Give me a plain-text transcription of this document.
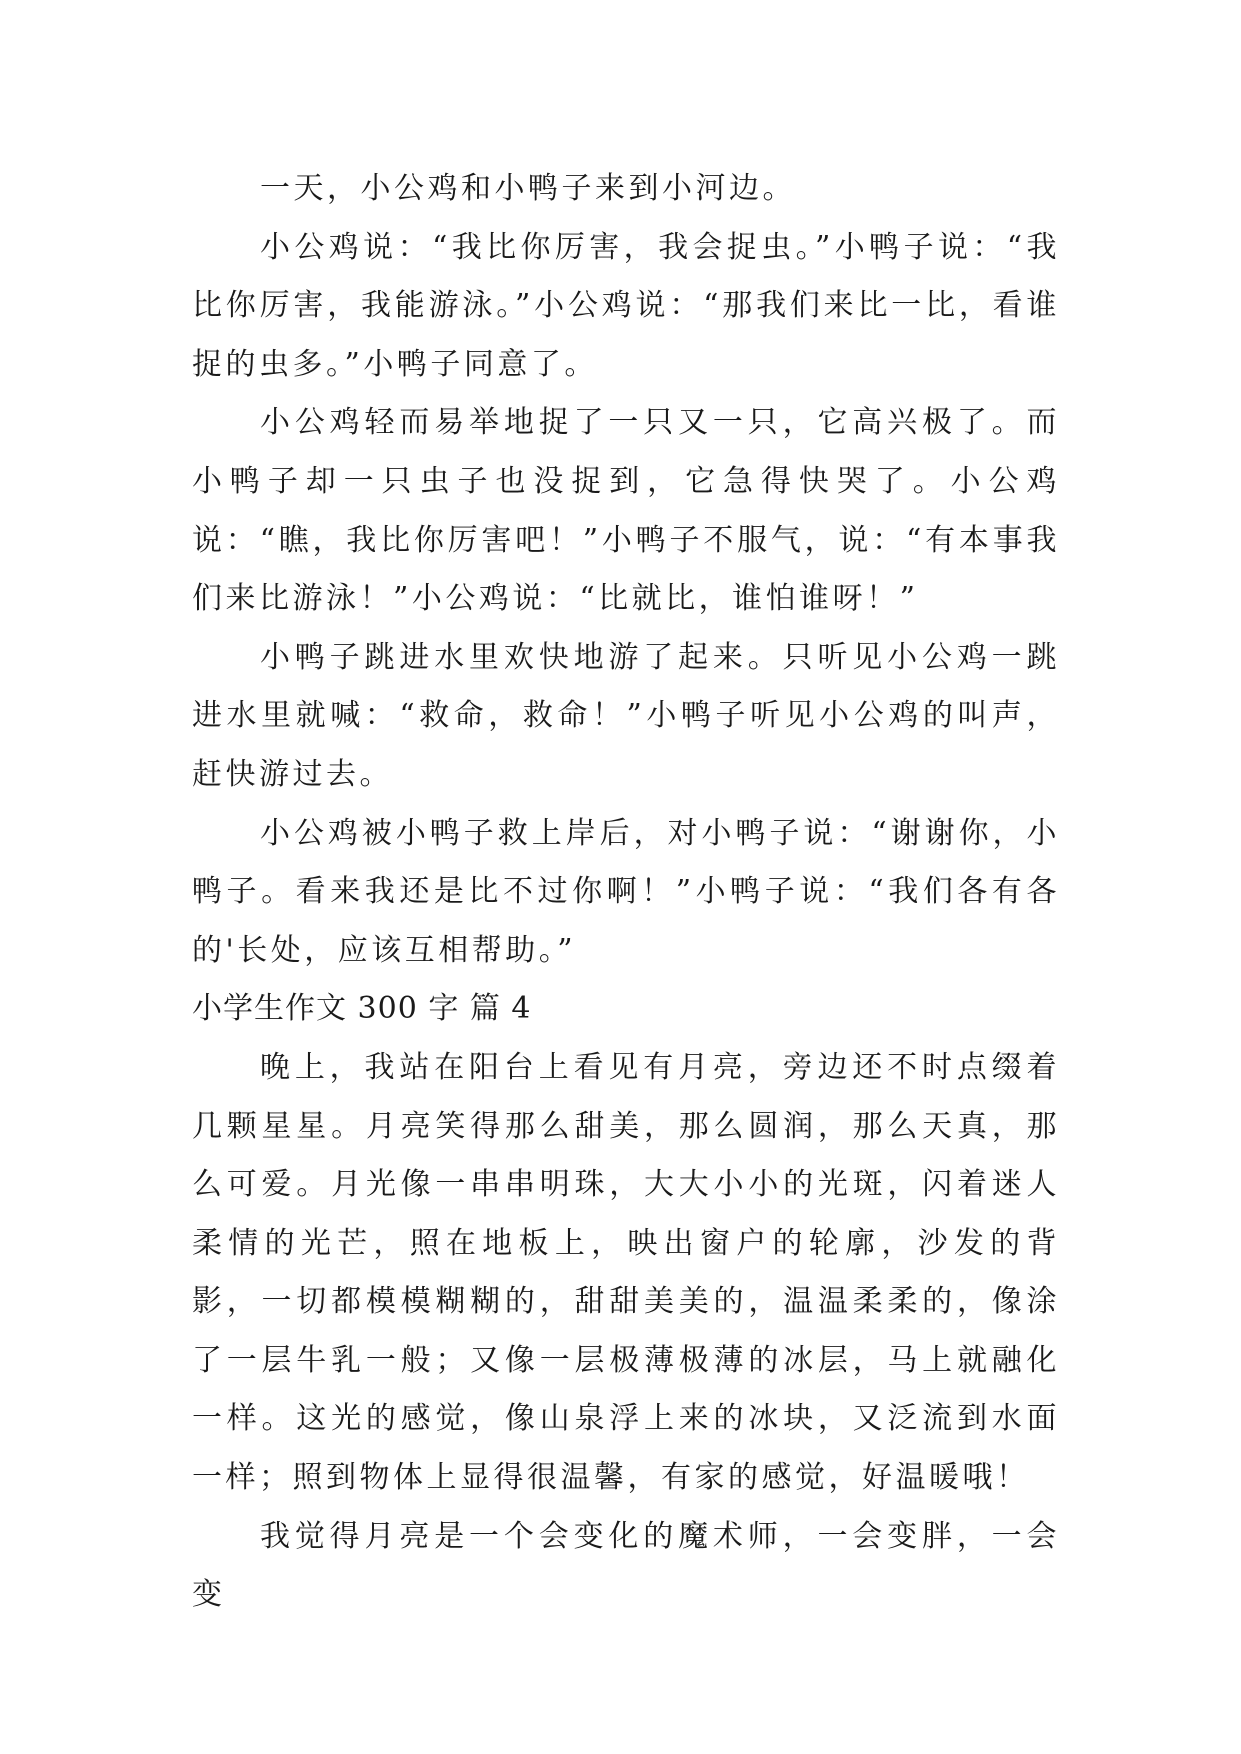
一天，小公鸡和小鸭子来到小河边。

小公鸡说：“我比你厉害，我会捉虫。”小鸭子说：“我比你厉害，我能游泳。”小公鸡说：“那我们来比一比，看谁捉的虫多。”小鸭子同意了。

小公鸡轻而易举地捉了一只又一只，它高兴极了。而小鸭子却一只虫子也没捉到，它急得快哭了。小公鸡说：“瞧，我比你厉害吧！”小鸭子不服气，说：“有本事我们来比游泳！”小公鸡说：“比就比，谁怕谁呀！”

小鸭子跳进水里欢快地游了起来。只听见小公鸡一跳进水里就喊：“救命，救命！”小鸭子听见小公鸡的叫声，赶快游过去。

小公鸡被小鸭子救上岸后，对小鸭子说：“谢谢你，小鸭子。看来我还是比不过你啊！”小鸭子说：“我们各有各的'长处，应该互相帮助。”

小学生作文 300 字 篇 4

晚上，我站在阳台上看见有月亮，旁边还不时点缀着几颗星星。月亮笑得那么甜美，那么圆润，那么天真，那么可爱。月光像一串串明珠，大大小小的光斑，闪着迷人柔情的光芒，照在地板上，映出窗户的轮廓，沙发的背影，一切都模模糊糊的，甜甜美美的，温温柔柔的，像涂了一层牛乳一般；又像一层极薄极薄的冰层，马上就融化一样。这光的感觉，像山泉浮上来的冰块，又泛流到水面一样；照到物体上显得很温馨，有家的感觉，好温暖哦！

我觉得月亮是一个会变化的魔术师，一会变胖，一会变
